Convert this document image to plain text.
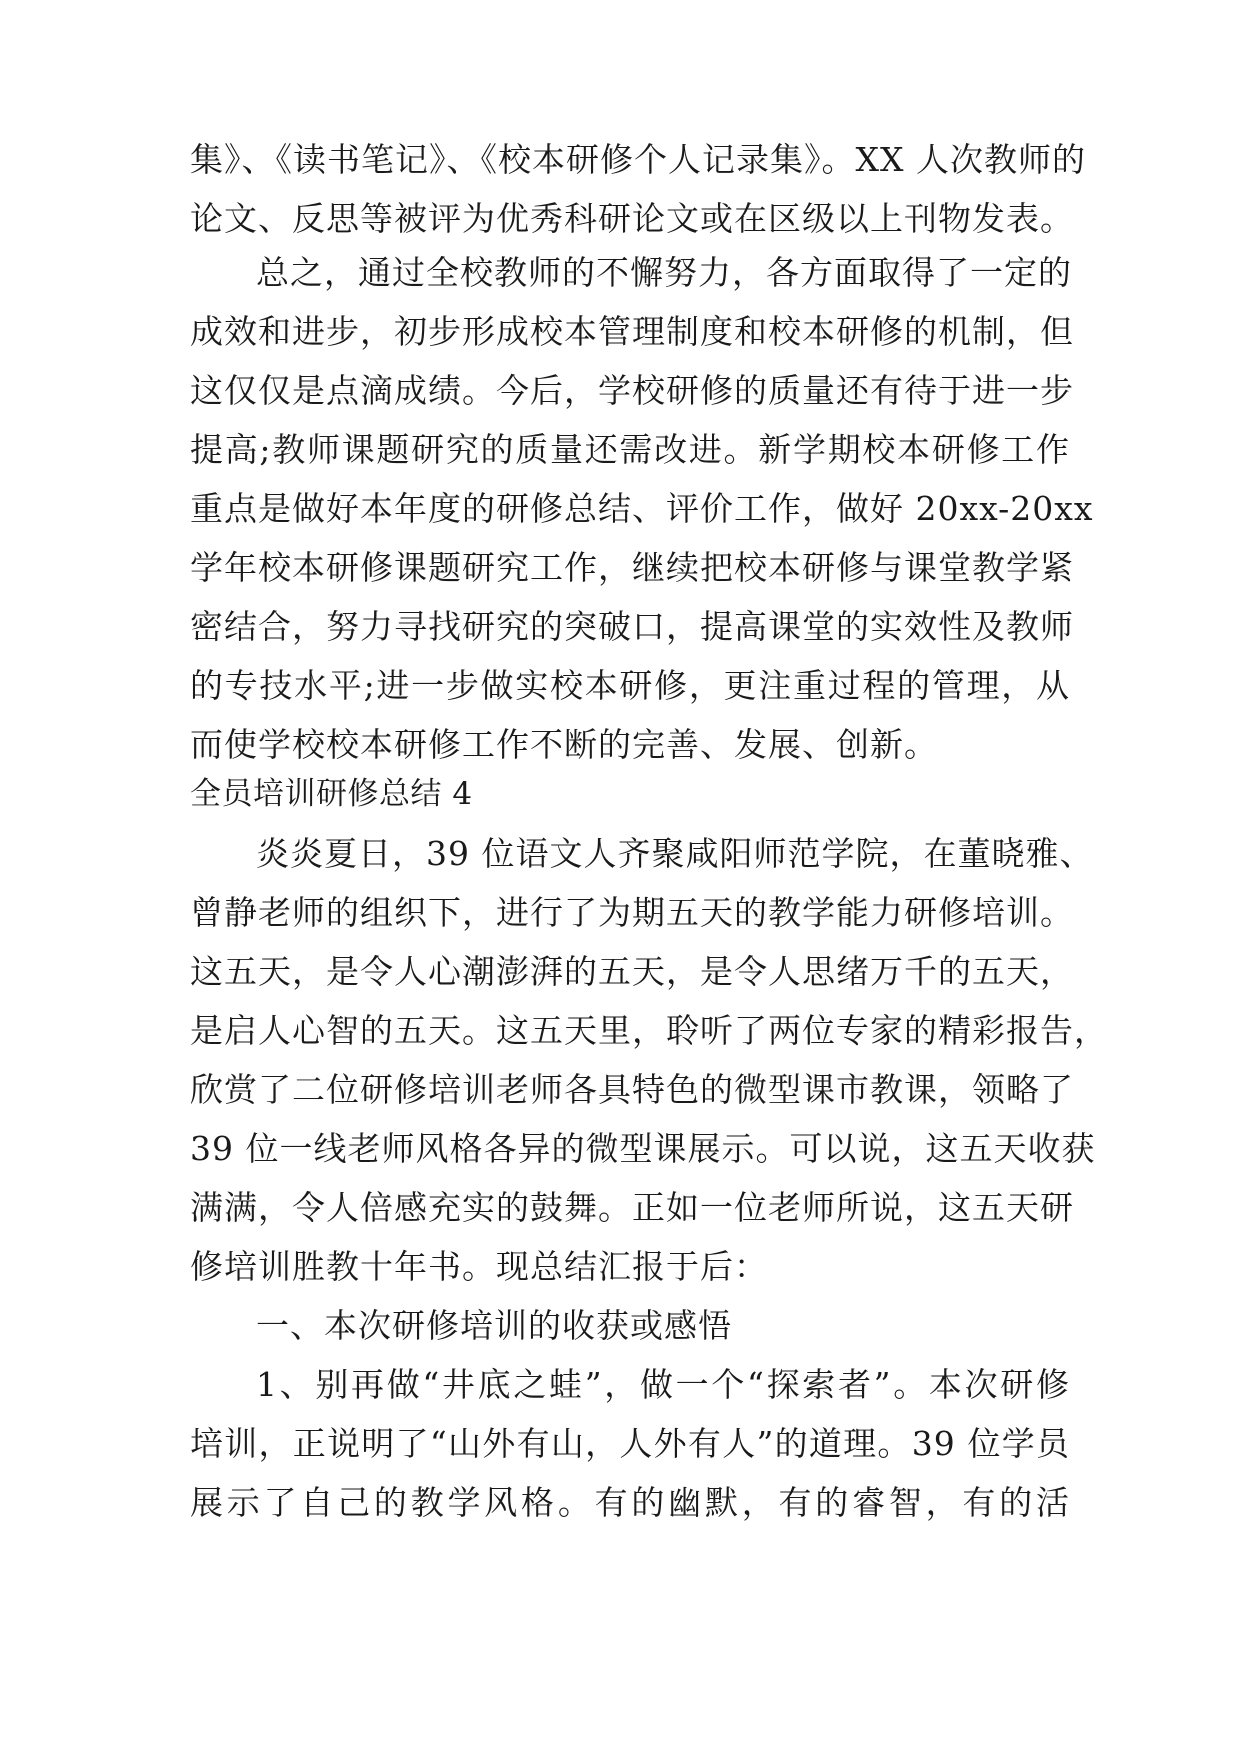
集》、《读书笔记》、《校本研修个人记录集》。XX 人次教师的
论文、反思等被评为优秀科研论文或在区级以上刊物发表。
总之，通过全校教师的不懈努力，各方面取得了一定的
成效和进步，初步形成校本管理制度和校本研修的机制，但
这仅仅是点滴成绩。今后，学校研修的质量还有待于进一步
提高;教师课题研究的质量还需改进。新学期校本研修工作
重点是做好本年度的研修总结、评价工作，做好 20xx-20xx
学年校本研修课题研究工作，继续把校本研修与课堂教学紧
密结合，努力寻找研究的突破口，提高课堂的实效性及教师
的专技水平;进一步做实校本研修，更注重过程的管理，从
而使学校校本研修工作不断的完善、发展、创新。
全员培训研修总结 4
炎炎夏日，39 位语文人齐聚咸阳师范学院，在董晓雅、
曾静老师的组织下，进行了为期五天的教学能力研修培训。
这五天，是令人心潮澎湃的五天，是令人思绪万千的五天，
是启人心智的五天。这五天里，聆听了两位专家的精彩报告，
欣赏了二位研修培训老师各具特色的微型课市教课，领略了
39 位一线老师风格各异的微型课展示。可以说，这五天收获
满满，令人倍感充实的鼓舞。正如一位老师所说，这五天研
修培训胜教十年书。现总结汇报于后：
一、本次研修培训的收获或感悟
1、别再做“井底之蛙”，做一个“探索者”。本次研修
培训，正说明了“山外有山，人外有人”的道理。39 位学员
展示了自己的教学风格。有的幽默，有的睿智，有的活
